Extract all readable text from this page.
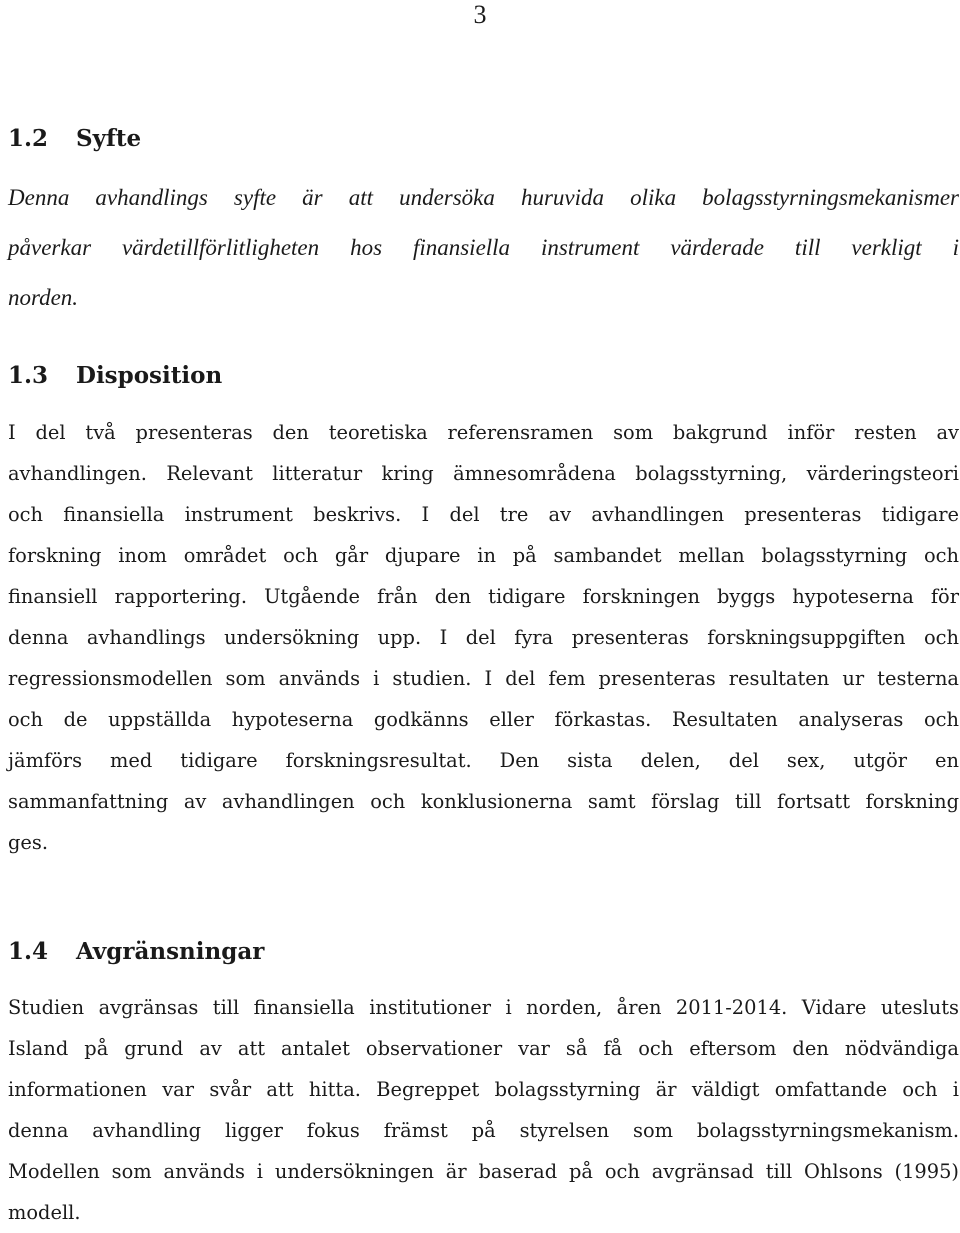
3
1.2 Syfte
Denna avhandlings syfte är att undersöka huruvida olika bolagsstyrningsmekanismer
påverkar värdetillförlitligheten hos finansiella instrument värderade till verkligt i
norden.
1.3 Disposition
I del två presenteras den teoretiska referensramen som bakgrund inför resten av
avhandlingen. Relevant litteratur kring ämnesområdena bolagsstyrning, värderingsteori
och finansiella instrument beskrivs. I del tre av avhandlingen presenteras tidigare
forskning inom området och går djupare in på sambandet mellan bolagsstyrning och
finansiell rapportering. Utgående från den tidigare forskningen byggs hypoteserna för
denna avhandlings undersökning upp. I del fyra presenteras forskningsuppgiften och
regressionsmodellen som används i studien. I del fem presenteras resultaten ur testerna
och de uppställda hypoteserna godkänns eller förkastas. Resultaten analyseras och
jämförs med tidigare forskningsresultat. Den sista delen, del sex, utgör en
sammanfattning av avhandlingen och konklusionerna samt förslag till fortsatt forskning
ges.
1.4 Avgränsningar
Studien avgränsas till finansiella institutioner i norden, åren 2011-2014. Vidare utesluts
Island på grund av att antalet observationer var så få och eftersom den nödvändiga
informationen var svår att hitta. Begreppet bolagsstyrning är väldigt omfattande och i
denna avhandling ligger fokus främst på styrelsen som bolagsstyrningsmekanism.
Modellen som används i undersökningen är baserad på och avgränsad till Ohlsons (1995)
modell.
